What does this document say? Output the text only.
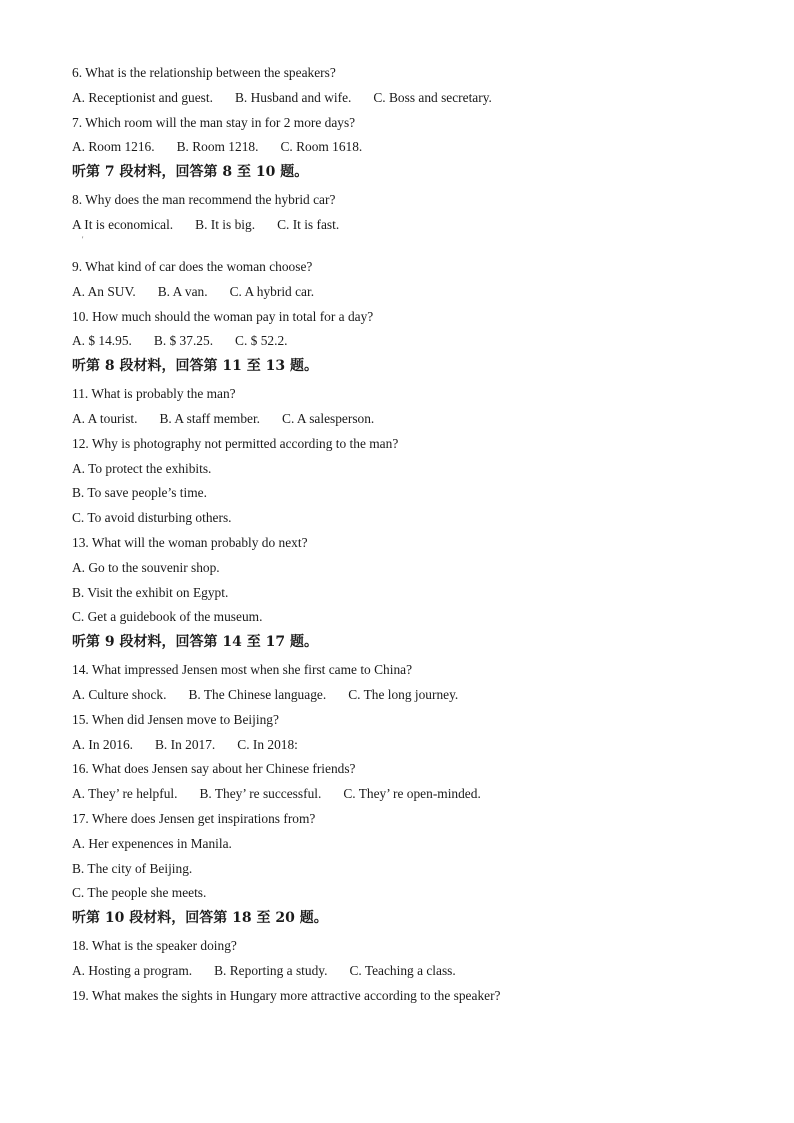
6. What is the relationship between the speakers?
A. Receptionist and guest. B. Husband and wife. C. Boss and secretary.
7. Which room will the man stay in for 2 more days?
A. Room 1216. B. Room 1218. C. Room 1618.
听第 7 段材料，回答第 8 至 10 题。
8. Why does the man recommend the hybrid car?
A It is economical. B. It is big. C. It is fast.
'
9. What kind of car does the woman choose?
A. An SUV. B. A van. C. A hybrid car.
10. How much should the woman pay in total for a day?
A. $ 14.95. B. $ 37.25. C. $ 52.2.
听第 8 段材料，回答第 11 至 13 题。
11. What is probably the man?
A. A tourist. B. A staff member. C. A salesperson.
12. Why is photography not permitted according to the man?
A. To protect the exhibits.
B. To save people’s time.
C. To avoid disturbing others.
13. What will the woman probably do next?
A. Go to the souvenir shop.
B. Visit the exhibit on Egypt.
C. Get a guidebook of the museum.
听第 9 段材料，回答第 14 至 17 题。
14. What impressed Jensen most when she first came to China?
A. Culture shock. B. The Chinese language. C. The long journey.
15. When did Jensen move to Beijing?
A. In 2016. B. In 2017. C. In 2018:
16. What does Jensen say about her Chinese friends?
A. They’ re helpful. B. They’ re successful. C. They’ re open-minded.
17. Where does Jensen get inspirations from?
A. Her expenences in Manila.
B. The city of Beijing.
C. The people she meets.
听第 10 段材料，回答第 18 至 20 题。
18. What is the speaker doing?
A. Hosting a program. B. Reporting a study. C. Teaching a class.
19. What makes the sights in Hungary more attractive according to the speaker?
